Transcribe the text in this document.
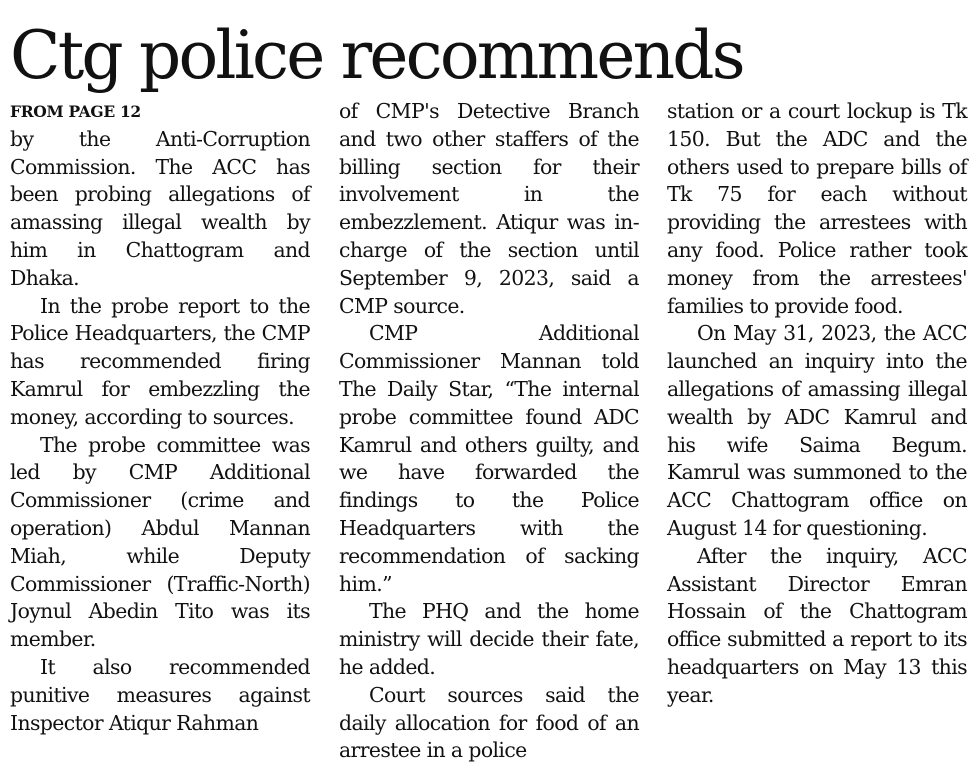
Ctg police recommends
FROM PAGE 12

by the Anti-Corruption Commission. The ACC has been probing allegations of amassing illegal wealth by him in Chattogram and Dhaka.

In the probe report to the Police Headquarters, the CMP has recommended firing Kamrul for embezzling the money, according to sources.

The probe committee was led by CMP Additional Commissioner (crime and operation) Abdul Mannan Miah, while Deputy Commissioner (Traffic-North) Joynul Abedin Tito was its member.

It also recommended punitive measures against Inspector Atiqur Rahman

of CMP's Detective Branch and two other staffers of the billing section for their involvement in the embezzlement. Atiqur was in-charge of the section until September 9, 2023, said a CMP source.

CMP Additional Commissioner Mannan told The Daily Star, “The internal probe committee found ADC Kamrul and others guilty, and we have forwarded the findings to the Police Headquarters with the recommendation of sacking him.”

The PHQ and the home ministry will decide their fate, he added.

Court sources said the daily allocation for food of an arrestee in a police

station or a court lockup is Tk 150. But the ADC and the others used to prepare bills of Tk 75 for each without providing the arrestees with any food. Police rather took money from the arrestees' families to provide food.

On May 31, 2023, the ACC launched an inquiry into the allegations of amassing illegal wealth by ADC Kamrul and his wife Saima Begum. Kamrul was summoned to the ACC Chattogram office on August 14 for questioning.

After the inquiry, ACC Assistant Director Emran Hossain of the Chattogram office submitted a report to its headquarters on May 13 this year.
